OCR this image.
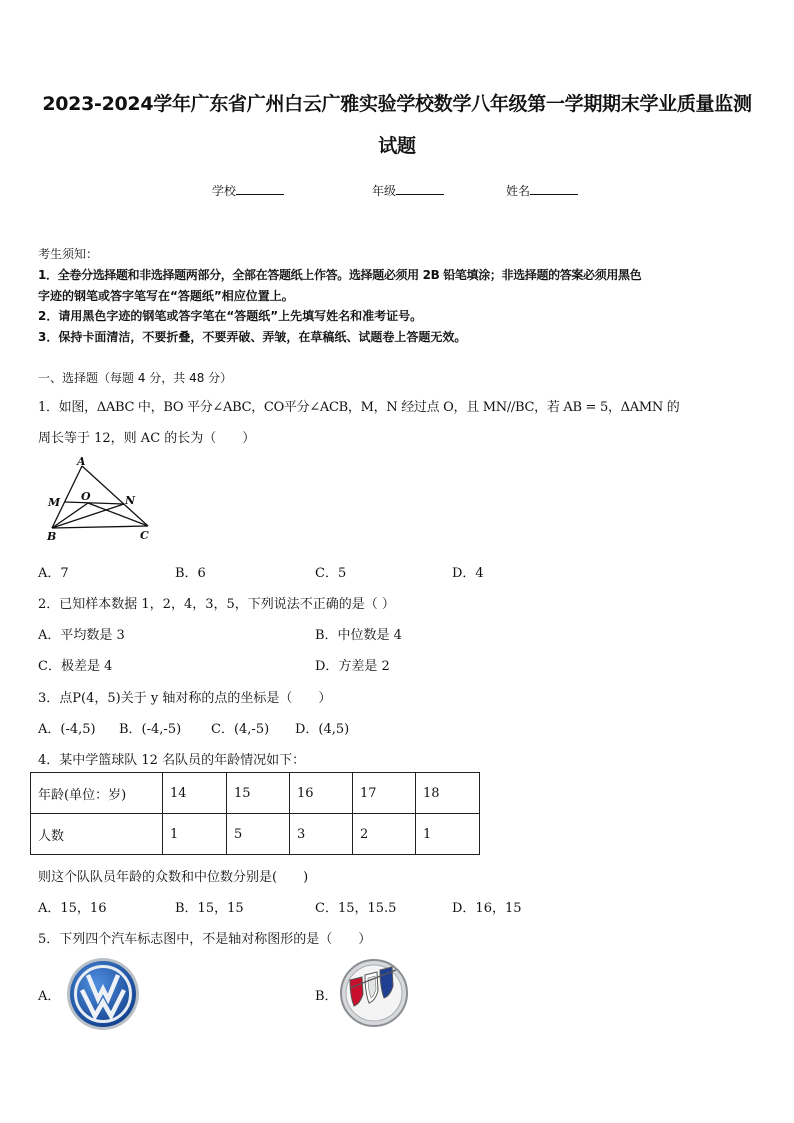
2023-2024学年广东省广州白云广雅实验学校数学八年级第一学期期末学业质量监测
试题
学校	年级	姓名
考生须知：
1．全卷分选择题和非选择题两部分，全部在答题纸上作答。选择题必须用 2B 铅笔填涂；非选择题的答案必须用黑色
字迹的钢笔或答字笔写在“答题纸”相应位置上。
2．请用黑色字迹的钢笔或答字笔在“答题纸”上先填写姓名和准考证号。
3．保持卡面清洁，不要折叠，不要弄破、弄皱，在草稿纸、试题卷上答题无效。
一、选择题（每题 4 分，共 48 分）
1．如图，ΔABC 中，BO 平分∠ABC，CO平分∠ACB，M，N 经过点 O，且 MN//BC，若 AB = 5，ΔAMN 的
周长等于 12，则 AC 的长为（　　）
A
M O	N
B	C
A．7	B．6	C．5	D．4
2．已知样本数据 1，2，4，3，5，下列说法不正确的是（ ）
A．平均数是 3	B．中位数是 4
C．极差是 4	D．方差是 2
3．点P(4，5)关于 y 轴对称的点的坐标是（　　）
A．(-4,5) B．(-4,-5) C．(4,-5) D．(4,5)
4．某中学篮球队 12 名队员的年龄情况如下：
年龄(单位：岁)	14	15	16	17	18
人数	1	5	3	2	1
则这个队队员年龄的众数和中位数分别是(　　)
A．15，16	B．15，15	C．15，15.5	D．16，15
5．下列四个汽车标志图中，不是轴对称图形的是（　　）
A．	B．
